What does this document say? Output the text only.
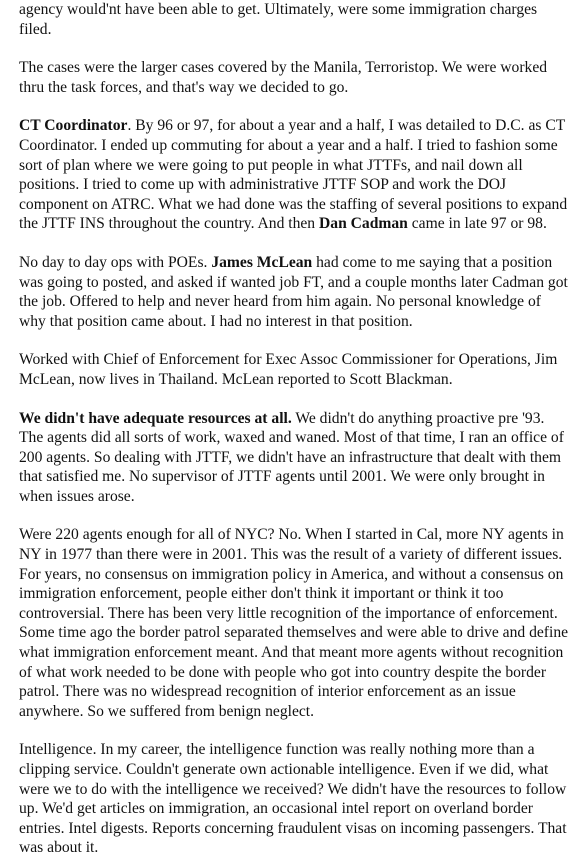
agency would'nt have been able to get. Ultimately, were some immigration charges filed.

The cases were the larger cases covered by the Manila, Terroristop. We were worked thru the task forces, and that's way we decided to go.

CT Coordinator. By 96 or 97, for about a year and a half, I was detailed to D.C. as CT Coordinator. I ended up commuting for about a year and a half. I tried to fashion some sort of plan where we were going to put people in what JTTFs, and nail down all positions. I tried to come up with administrative JTTF SOP and work the DOJ component on ATRC. What we had done was the staffing of several positions to expand the JTTF INS throughout the country. And then Dan Cadman came in late 97 or 98.

No day to day ops with POEs. James McLean had come to me saying that a position was going to posted, and asked if wanted job FT, and a couple months later Cadman got the job. Offered to help and never heard from him again. No personal knowledge of why that position came about. I had no interest in that position.

Worked with Chief of Enforcement for Exec Assoc Commissioner for Operations, Jim McLean, now lives in Thailand. McLean reported to Scott Blackman.

We didn't have adequate resources at all. We didn't do anything proactive pre '93. The agents did all sorts of work, waxed and waned. Most of that time, I ran an office of 200 agents. So dealing with JTTF, we didn't have an infrastructure that dealt with them that satisfied me. No supervisor of JTTF agents until 2001. We were only brought in when issues arose.

Were 220 agents enough for all of NYC? No. When I started in Cal, more NY agents in NY in 1977 than there were in 2001. This was the result of a variety of different issues. For years, no consensus on immigration policy in America, and without a consensus on immigration enforcement, people either don't think it important or think it too controversial. There has been very little recognition of the importance of enforcement. Some time ago the border patrol separated themselves and were able to drive and define what immigration enforcement meant. And that meant more agents without recognition of what work needed to be done with people who got into country despite the border patrol. There was no widespread recognition of interior enforcement as an issue anywhere. So we suffered from benign neglect.

Intelligence. In my career, the intelligence function was really nothing more than a clipping service. Couldn't generate own actionable intelligence. Even if we did, what were we to do with the intelligence we received? We didn't have the resources to follow up. We'd get articles on immigration, an occasional intel report on overland border entries. Intel digests. Reports concerning fraudulent visas on incoming passengers. That was about it.
